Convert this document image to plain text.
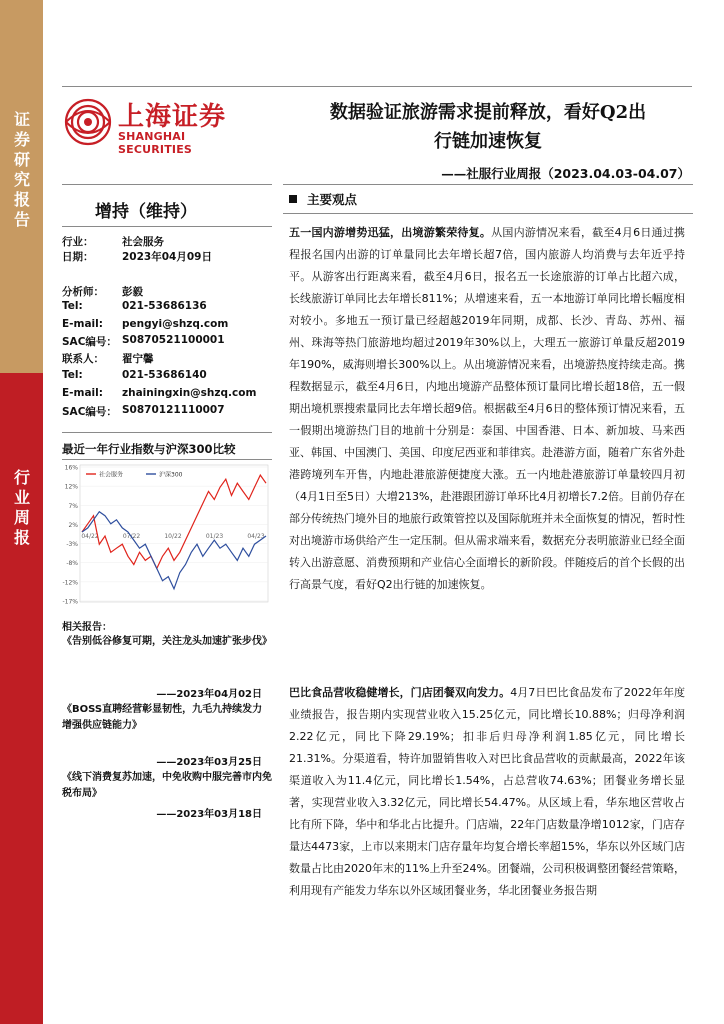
证券研究报告
行业周报
上海证券
SHANGHAI SECURITIES
数据验证旅游需求提前释放，看好Q2出
行链加速恢复
——社服行业周报（2023.04.03-04.07）
增持（维持）
行业：	社会服务
日期：	2023年04月09日
分析师： 彭毅
Tel:	021-53686136
E-mail: pengyi@shzq.com
SAC编号： S0870521100001
联系人： 翟宁馨
Tel:	021-53686140
E-mail: zhainingxin@shzq.com
SAC编号： S0870121110007
最近一年行业指数与沪深300比较
16%
12%
7%
2%
-3%
-8%
-12%
-17%
04/22	07/22	10/22	01/23	04/23
社会服务	沪深300
相关报告：
《告别低谷修复可期，关注龙头加速扩张步伐》
——2023年04月02日
《BOSS直聘经营彰显韧性，九毛九持续发力增强供应链能力》
——2023年03月25日
《线下消费复苏加速，中免收购中服完善市内免税布局》
——2023年03月18日
主要观点
五一国内游增势迅猛，出境游繁荣待复。从国内游情况来看，截至4月6日通过携程报名国内出游的订单量同比去年增长超7倍，国内旅游人均消费与去年近乎持平。从游客出行距离来看，截至4月6日，报名五一长途旅游的订单占比超六成，长线旅游订单同比去年增长811%；从增速来看，五一本地游订单同比增长幅度相对较小。多地五一预订量已经超越2019年同期，成都、长沙、青岛、苏州、福州、珠海等热门旅游地均超过2019年30%以上，大理五一旅游订单量反超2019年190%，威海则增长300%以上。从出境游情况来看，出境游热度持续走高。携程数据显示，截至4月6日，内地出境游产品整体预订量同比增长超18倍，五一假期出境机票搜索量同比去年增长超9倍。根据截至4月6日的整体预订情况来看，五一假期出境游热门目的地前十分别是：泰国、中国香港、日本、新加坡、马来西亚、韩国、中国澳门、美国、印度尼西亚和菲律宾。赴港游方面，随着广东省外赴港跨境列车开售，内地赴港旅游便捷度大涨。五一内地赴港旅游订单量较四月初（4月1日至5日）大增213%，赴港跟团游订单环比4月初增长7.2倍。目前仍存在部分传统热门境外目的地旅行政策管控以及国际航班并未全面恢复的情况，暂时性对出境游市场供给产生一定压制。但从需求端来看，数据充分表明旅游业已经全面转入出游意愿、消费预期和产业信心全面增长的新阶段。伴随疫后的首个长假的出行高景气度，看好Q2出行链的加速恢复。
巴比食品营收稳健增长，门店团餐双向发力。4月7日巴比食品发布了2022年年度业绩报告，报告期内实现营业收入15.25亿元，同比增长10.88%；归母净利润2.22亿元，同比下降29.19%；扣非后归母净利润1.85亿元，同比增长21.31%。分渠道看，特许加盟销售收入对巴比食品营收的贡献最高，2022年该渠道收入为11.4亿元，同比增长1.54%，占总营收74.63%；团餐业务增长显著，实现营业收入3.32亿元，同比增长54.47%。从区域上看，华东地区营收占比有所下降，华中和华北占比提升。门店端，22年门店数量净增1012家，门店存量达4473家，上市以来期末门店存量年均复合增长率超15%，华东以外区域门店数量占比由2020年末的11%上升至24%。团餐端，公司积极调整团餐经营策略，利用现有产能发力华东以外区域团餐业务，华北团餐业务报告期
